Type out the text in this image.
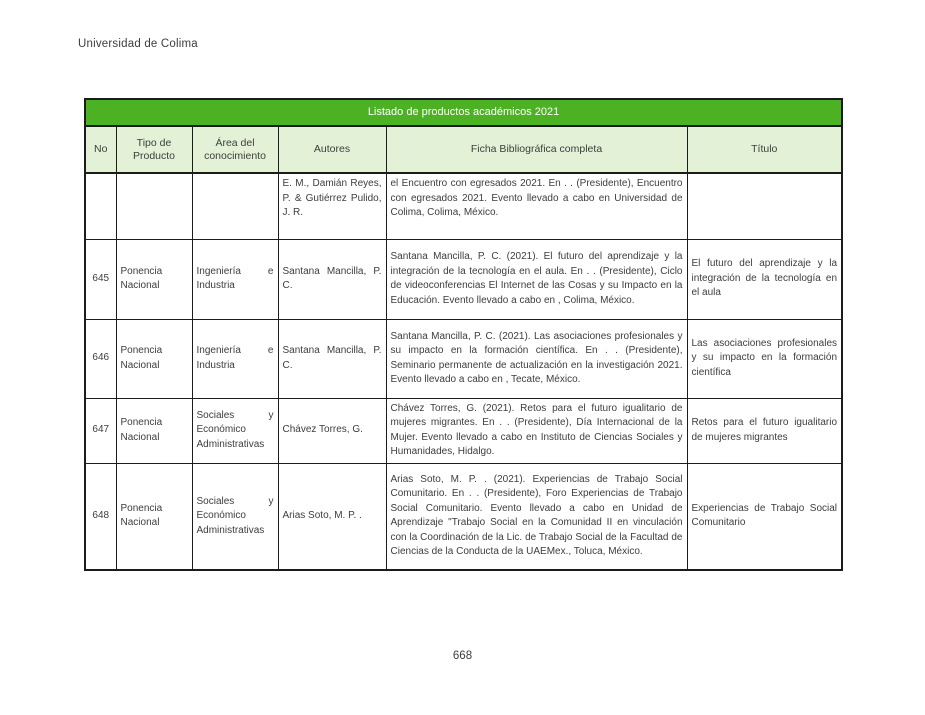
Universidad de Colima
Listado de productos académicos 2021					
No	Tipo de Producto	Área del conocimiento	Autores	Ficha Bibliográfica completa	Título
			E. M., Damián Reyes, P. & Gutiérrez Pulido, J. R.	el Encuentro con egresados 2021. En . . (Presidente), Encuentro con egresados 2021. Evento llevado a cabo en Universidad de Colima, Colima, México.	
645	Ponencia Nacional	Ingeniería e Industria	Santana Mancilla, P. C.	Santana Mancilla, P. C. (2021). El futuro del aprendizaje y la integración de la tecnología en el aula. En . . (Presidente), Ciclo de videoconferencias El Internet de las Cosas y su Impacto en la Educación. Evento llevado a cabo en , Colima, México.	El futuro del aprendizaje y la integración de la tecnología en el aula
646	Ponencia Nacional	Ingeniería e Industria	Santana Mancilla, P. C.	Santana Mancilla, P. C. (2021). Las asociaciones profesionales y su impacto en la formación científica. En . . (Presidente), Seminario permanente de actualización en la investigación 2021. Evento llevado a cabo en , Tecate, México.	Las asociaciones profesionales y su impacto en la formación científica
647	Ponencia Nacional	Sociales y Económico Administrativas	Chávez Torres, G.	Chávez Torres, G. (2021). Retos para el futuro igualitario de mujeres migrantes. En . . (Presidente), Día Internacional de la Mujer. Evento llevado a cabo en Instituto de Ciencias Sociales y Humanidades, Hidalgo.	Retos para el futuro igualitario de mujeres migrantes
648	Ponencia Nacional	Sociales y Económico Administrativas	Arias Soto, M. P. .	Arias Soto, M. P. . (2021). Experiencias de Trabajo Social Comunitario. En . . (Presidente), Foro Experiencias de Trabajo Social Comunitario. Evento llevado a cabo en Unidad de Aprendizaje "Trabajo Social en la Comunidad II en vinculación con la Coordinación de la Lic. de Trabajo Social de la Facultad de Ciencias de la Conducta de la UAEMex., Toluca, México.	Experiencias de Trabajo Social Comunitario
668
